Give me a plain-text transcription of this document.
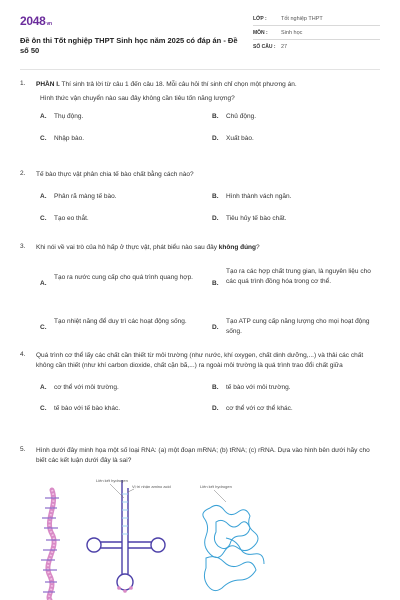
2048vn
Đề ôn thi Tốt nghiệp THPT Sinh học năm 2025 có đáp án - Đề số 50
LỚP :	Tốt nghiệp THPT
MÔN :	Sinh học
SỐ CÂU :	27
1.	PHẦN I. Thí sinh trả lời từ câu 1 đến câu 18. Mỗi câu hỏi thí sinh chỉ chọn một phương án.
Hình thức vận chuyển nào sau đây không cần tiêu tốn năng lượng?
A.	Thụ động.	B.	Chủ động.
C.	Nhập bào.	D.	Xuất bào.
2.	Tế bào thực vật phân chia tế bào chất bằng cách nào?
A.	Phân rã màng tế bào.	B.	Hình thành vách ngăn.
C.	Tạo eo thắt.	D.	Tiêu hủy tế bào chất.
3.	Khi nói về vai trò của hô hấp ở thực vật, phát biểu nào sau đây không đúng?
A.
Tạo ra nước cung cấp cho quá trình quang hợp.
B.
Tạo ra các hợp chất trung gian, là nguyên liệu cho các quá trình đồng hóa trong cơ thể.
C.
Tạo nhiệt năng để duy trì các hoạt động sống.
D.
Tạo ATP cung cấp năng lượng cho mọi hoạt động sống.
4.	Quá trình cơ thể lấy các chất cần thiết từ môi trường (như nước, khí oxygen, chất dinh dưỡng,...) và thải các chất không cần thiết (như khí carbon dioxide, chất cặn bã,...) ra ngoài môi trường là quá trình trao đổi chất giữa
A.	cơ thể với môi trường.	B.	tế bào với môi trường.
C.	tế bào với tế bào khác.	D.	cơ thể với cơ thể khác.
5.	Hình dưới đây minh họa một số loại RNA: (a) một đoạn mRNA; (b) tRNA; (c) rRNA. Dựa vào hình bên dưới hãy cho biết các kết luận dưới đây là sai?
Liên kết hydrogen
Vị trí nhận amino acid	Liên kết hydrogen
